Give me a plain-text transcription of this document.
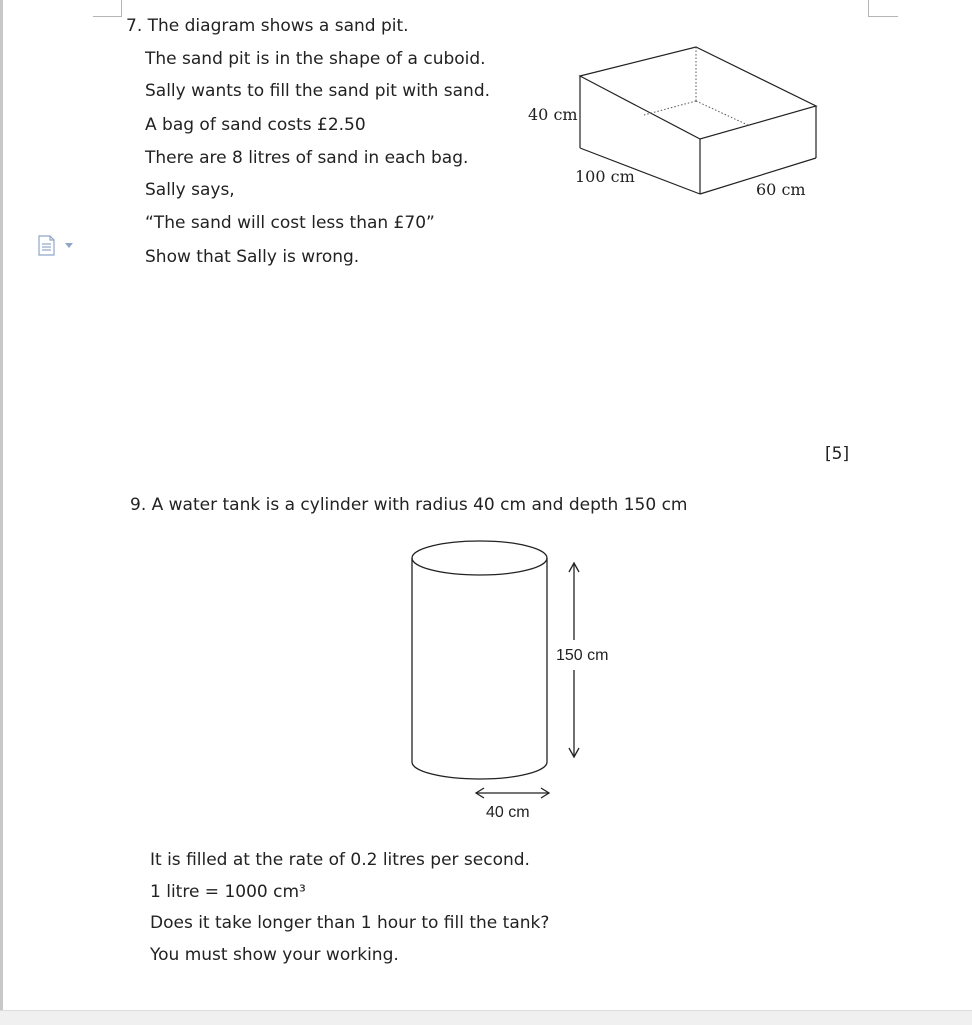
7. The diagram shows a sand pit.
The sand pit is in the shape of a cuboid.
Sally wants to fill the sand pit with sand.
A bag of sand costs £2.50
There are 8 litres of sand in each bag.
Sally says,
“The sand will cost less than £70”
Show that Sally is wrong.
40 cm
100 cm
60 cm
[5]
9. A water tank is a cylinder with radius 40 cm and depth 150 cm
150 cm
40 cm
It is filled at the rate of 0.2 litres per second.
1 litre = 1000 cm³
Does it take longer than 1 hour to fill the tank?
You must show your working.
